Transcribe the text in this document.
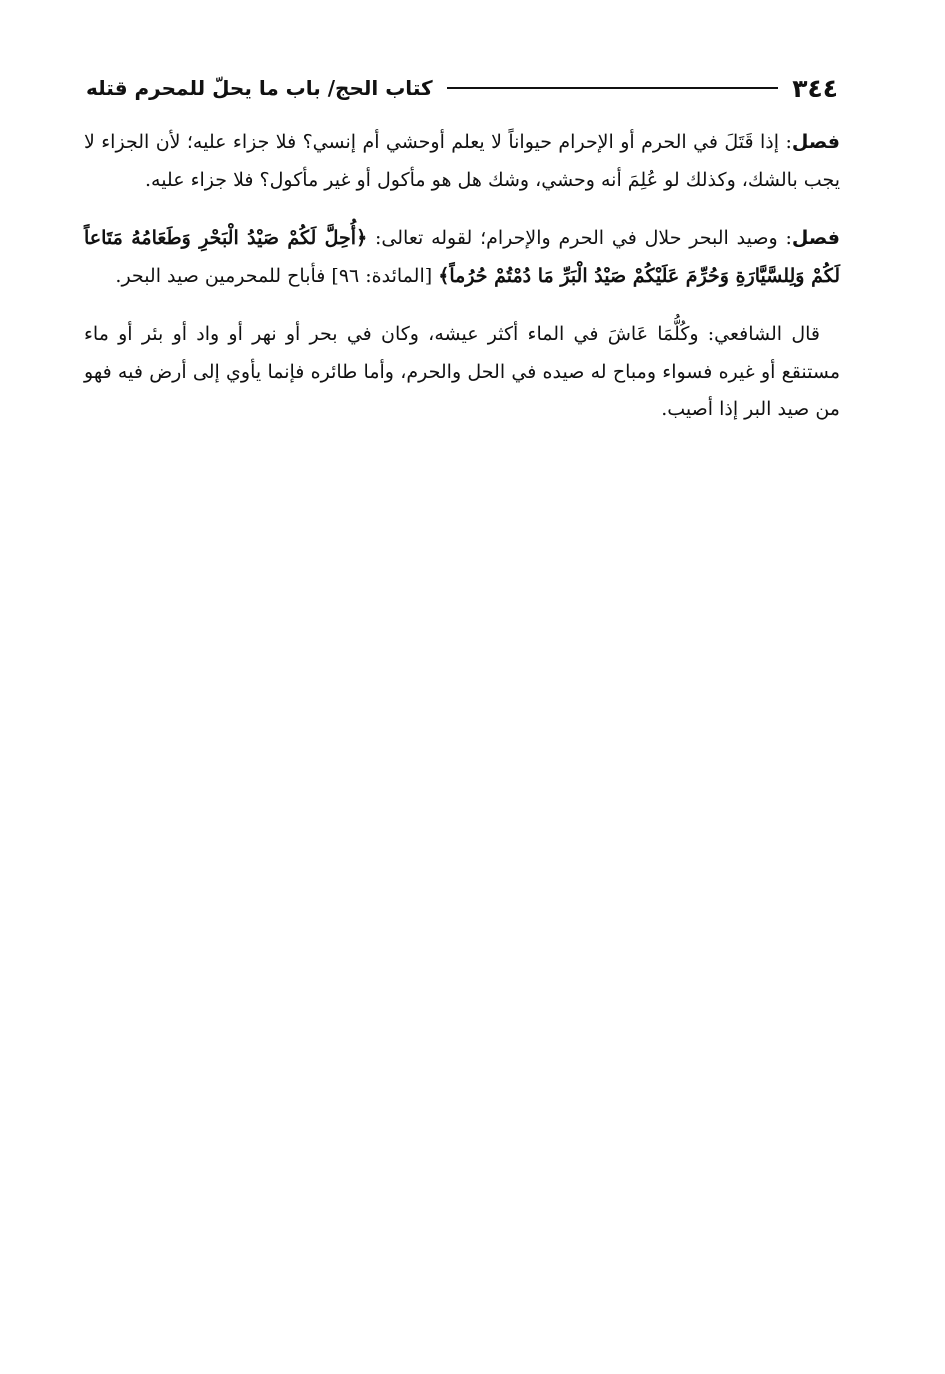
٣٤٤
كتاب الحج/ باب ما يحلّ للمحرم قتله

فصل: إذا قَتَلَ في الحرم أو الإحرام حيواناً لا يعلم أوحشي أم إنسي؟ فلا جزاء عليه؛ لأن الجزاء لا يجب بالشك، وكذلك لو عُلِمَ أنه وحشي، وشك هل هو مأكول أو غير مأكول؟ فلا جزاء عليه.

فصل: وصيد البحر حلال في الحرم والإحرام؛ لقوله تعالى: ﴿أُحِلَّ لَكُمْ صَيْدُ الْبَحْرِ وَطَعَامُهُ مَتَاعاً لَكُمْ وَلِلسَّيَّارَةِ وَحُرِّمَ عَلَيْكُمْ صَيْدُ الْبَرِّ مَا دُمْتُمْ حُرُماً﴾ [المائدة: ٩٦] فأباح للمحرمين صيد البحر.

قال الشافعي: وكُلُّمَا عَاشَ في الماء أكثر عيشه، وكان في بحر أو نهر أو واد أو بئر أو ماء مستنقع أو غيره فسواء ومباح له صيده في الحل والحرم، وأما طائره فإنما يأوي إلى أرض فيه فهو من صيد البر إذا أصيب.
